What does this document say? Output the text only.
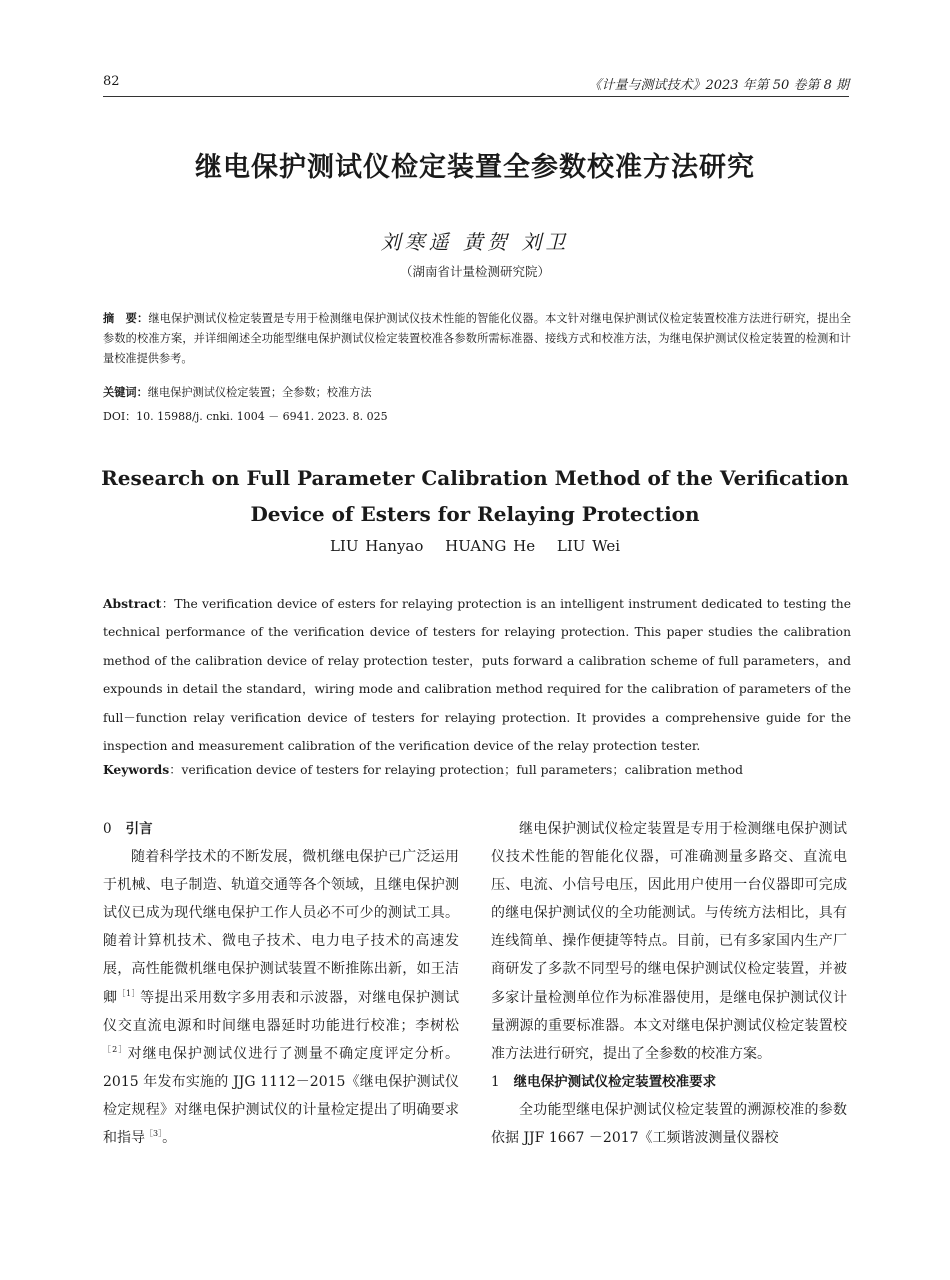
82	《计量与测试技术》2023 年第 50 卷第 8 期
继电保护测试仪检定装置全参数校准方法研究
刘寒遥 黄贺 刘卫
（湖南省计量检测研究院）
摘　要：继电保护测试仪检定装置是专用于检测继电保护测试仪技术性能的智能化仪器。本文针对继电保护测试仪检定装置校准方法进行研究，提出全参数的校准方案，并详细阐述全功能型继电保护测试仪检定装置校准各参数所需标准器、接线方式和校准方法，为继电保护测试仪检定装置的检测和计量校准提供参考。
关键词：继电保护测试仪检定装置；全参数；校准方法
DOI：10. 15988/j. cnki. 1004 － 6941. 2023. 8. 025
Research on Full Parameter Calibration Method of the Verification
Device of Esters for Relaying Protection
LIU Hanyao　 HUANG He　 LIU Wei
Abstract：The verification device of esters for relaying protection is an intelligent instrument dedicated to testing the technical performance of the verification device of testers for relaying protection. This paper studies the calibration method of the calibration device of relay protection tester，puts forward a calibration scheme of full parameters，and expounds in detail the standard，wiring mode and calibration method required for the calibration of parameters of the full－function relay verification device of testers for relaying protection. It provides a comprehensive guide for the inspection and measurement calibration of the verification device of the relay protection tester.
Keywords：verification device of testers for relaying protection；full parameters；calibration method
0 引言
随着科学技术的不断发展，微机继电保护已广泛运用于机械、电子制造、轨道交通等各个领域，且继电保护测试仪已成为现代继电保护工作人员必不可少的测试工具。随着计算机技术、微电子技术、电力电子技术的高速发展，高性能微机继电保护测试装置不断推陈出新，如王洁卿$^{[1]}$等提出采用数字多用表和示波器，对继电保护测试仪交直流电源和时间继电器延时功能进行校准；李树松$^{[2]}$对继电保护测试仪进行了测量不确定度评定分析。2015 年发布实施的 JJG 1112－2015《继电保护测试仪检定规程》对继电保护测试仪的计量检定提出了明确要求和指导$^{[3]}$。
继电保护测试仪检定装置是专用于检测继电保护测试仪技术性能的智能化仪器，可准确测量多路交、直流电压、电流、小信号电压，因此用户使用一台仪器即可完成的继电保护测试仪的全功能测试。与传统方法相比，具有连线简单、操作便捷等特点。目前，已有多家国内生产厂商研发了多款不同型号的继电保护测试仪检定装置，并被多家计量检测单位作为标准器使用，是继电保护测试仪计量溯源的重要标准器。本文对继电保护测试仪检定装置校准方法进行研究，提出了全参数的校准方案。
1 继电保护测试仪检定装置校准要求
全功能型继电保护测试仪检定装置的溯源校准的参数依据 JJF 1667 －2017《工频谐波测量仪器校
